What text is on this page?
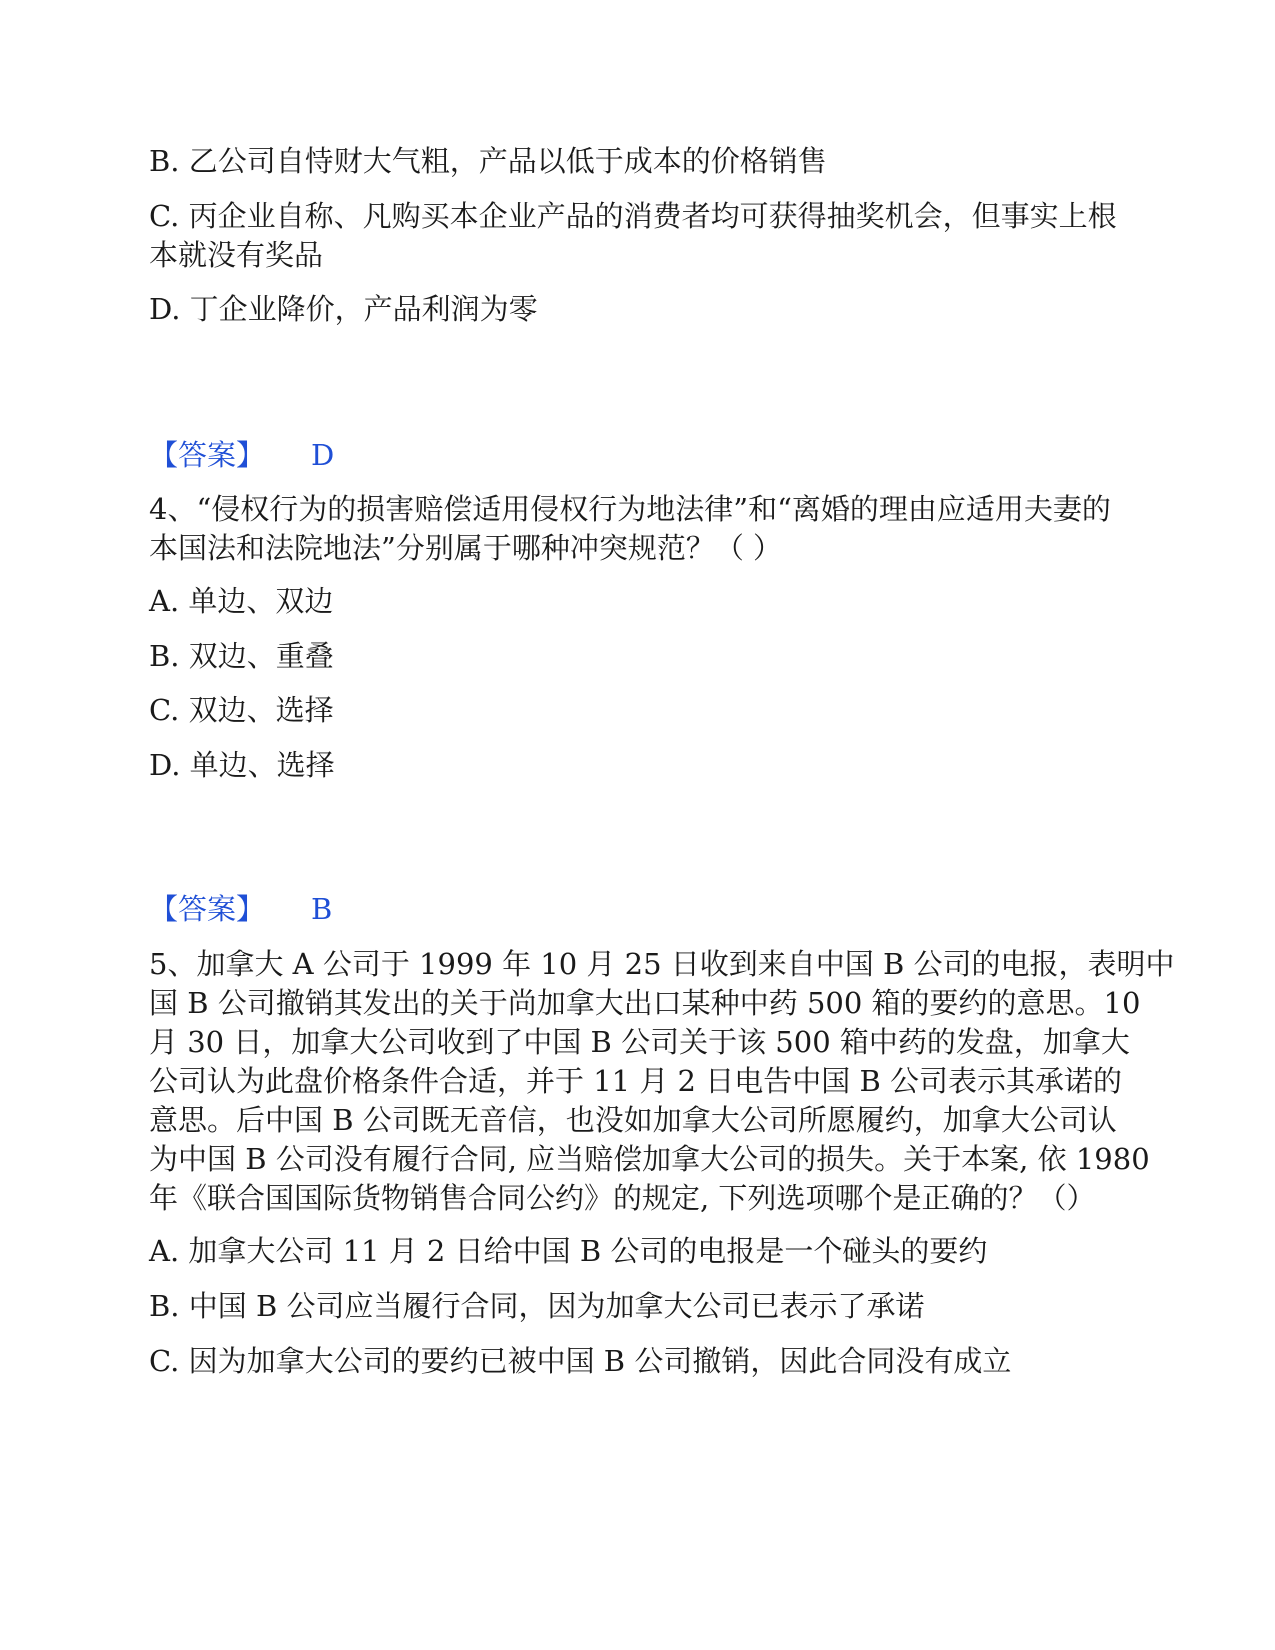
B. 乙公司自恃财大气粗，产品以低于成本的价格销售
C. 丙企业自称、凡购买本企业产品的消费者均可获得抽奖机会，但事实上根
本就没有奖品
D. 丁企业降价，产品利润为零
【答案】 D
4、“侵权行为的损害赔偿适用侵权行为地法律”和“离婚的理由应适用夫妻的
本国法和法院地法”分别属于哪种冲突规范？（ ）
A. 单边、双边
B. 双边、重叠
C. 双边、选择
D. 单边、选择
【答案】 B
5、加拿大 A 公司于 1999 年 10 月 25 日收到来自中国 B 公司的电报，表明中
国 B 公司撤销其发出的关于尚加拿大出口某种中药 500 箱的要约的意思。10
月 30 日，加拿大公司收到了中国 B 公司关于该 500 箱中药的发盘，加拿大
公司认为此盘价格条件合适，并于 11 月 2 日电告中国 B 公司表示其承诺的
意思。后中国 B 公司既无音信，也没如加拿大公司所愿履约，加拿大公司认
为中国 B 公司没有履行合同, 应当赔偿加拿大公司的损失。关于本案, 依 1980
年《联合国国际货物销售合同公约》的规定, 下列选项哪个是正确的？（）
A. 加拿大公司 11 月 2 日给中国 B 公司的电报是一个碰头的要约
B. 中国 B 公司应当履行合同，因为加拿大公司已表示了承诺
C. 因为加拿大公司的要约已被中国 B 公司撤销，因此合同没有成立
